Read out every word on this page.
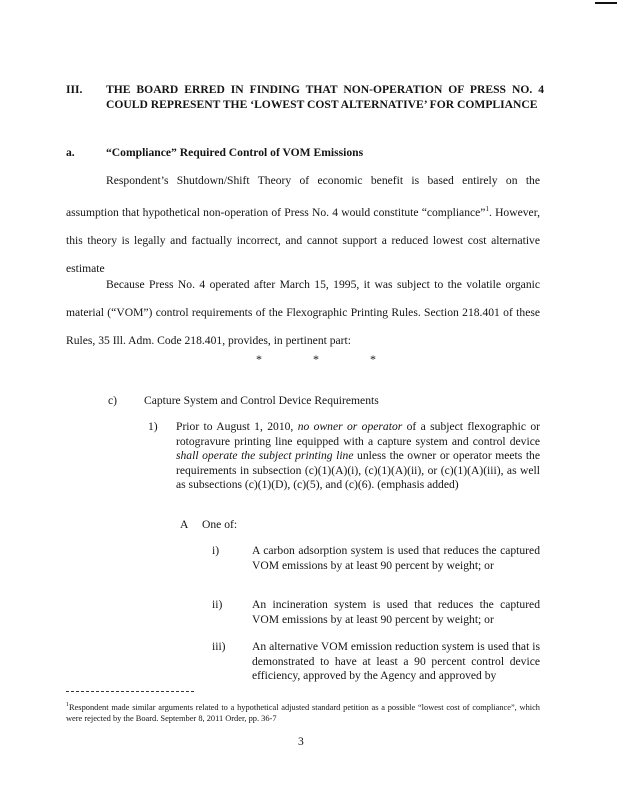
III. THE BOARD ERRED IN FINDING THAT NON-OPERATION OF PRESS NO. 4 COULD REPRESENT THE ‘LOWEST COST ALTERNATIVE’ FOR COMPLIANCE
a.	“Compliance” Required Control of VOM Emissions
Respondent’s Shutdown/Shift Theory of economic benefit is based entirely on the assumption that hypothetical non-operation of Press No. 4 would constitute “compliance”$^1$. However, this theory is legally and factually incorrect, and cannot support a reduced lowest cost alternative estimate
Because Press No. 4 operated after March 15, 1995, it was subject to the volatile organic material (“VOM”) control requirements of the Flexographic Printing Rules. Section 218.401 of these Rules, 35 Ill. Adm. Code 218.401, provides, in pertinent part:
*	*	*
c) Capture System and Control Device Requirements
1) Prior to August 1, 2010, no owner or operator of a subject flexographic or rotogravure printing line equipped with a capture system and control device shall operate the subject printing line unless the owner or operator meets the requirements in subsection (c)(1)(A)(i), (c)(1)(A)(ii), or (c)(1)(A)(iii), as well as subsections (c)(1)(D), (c)(5), and (c)(6). (emphasis added)
A One of:
i)	A carbon adsorption system is used that reduces the captured VOM emissions by at least 90 percent by weight; or
ii)	An incineration system is used that reduces the captured VOM emissions by at least 90 percent by weight; or
iii) An alternative VOM emission reduction system is used that is demonstrated to have at least a 90 percent control device efficiency, approved by the Agency and approved by
$^1$Respondent made similar arguments related to a hypothetical adjusted standard petition as a possible “lowest cost of compliance”, which were rejected by the Board. September 8, 2011 Order, pp. 36-7
3
